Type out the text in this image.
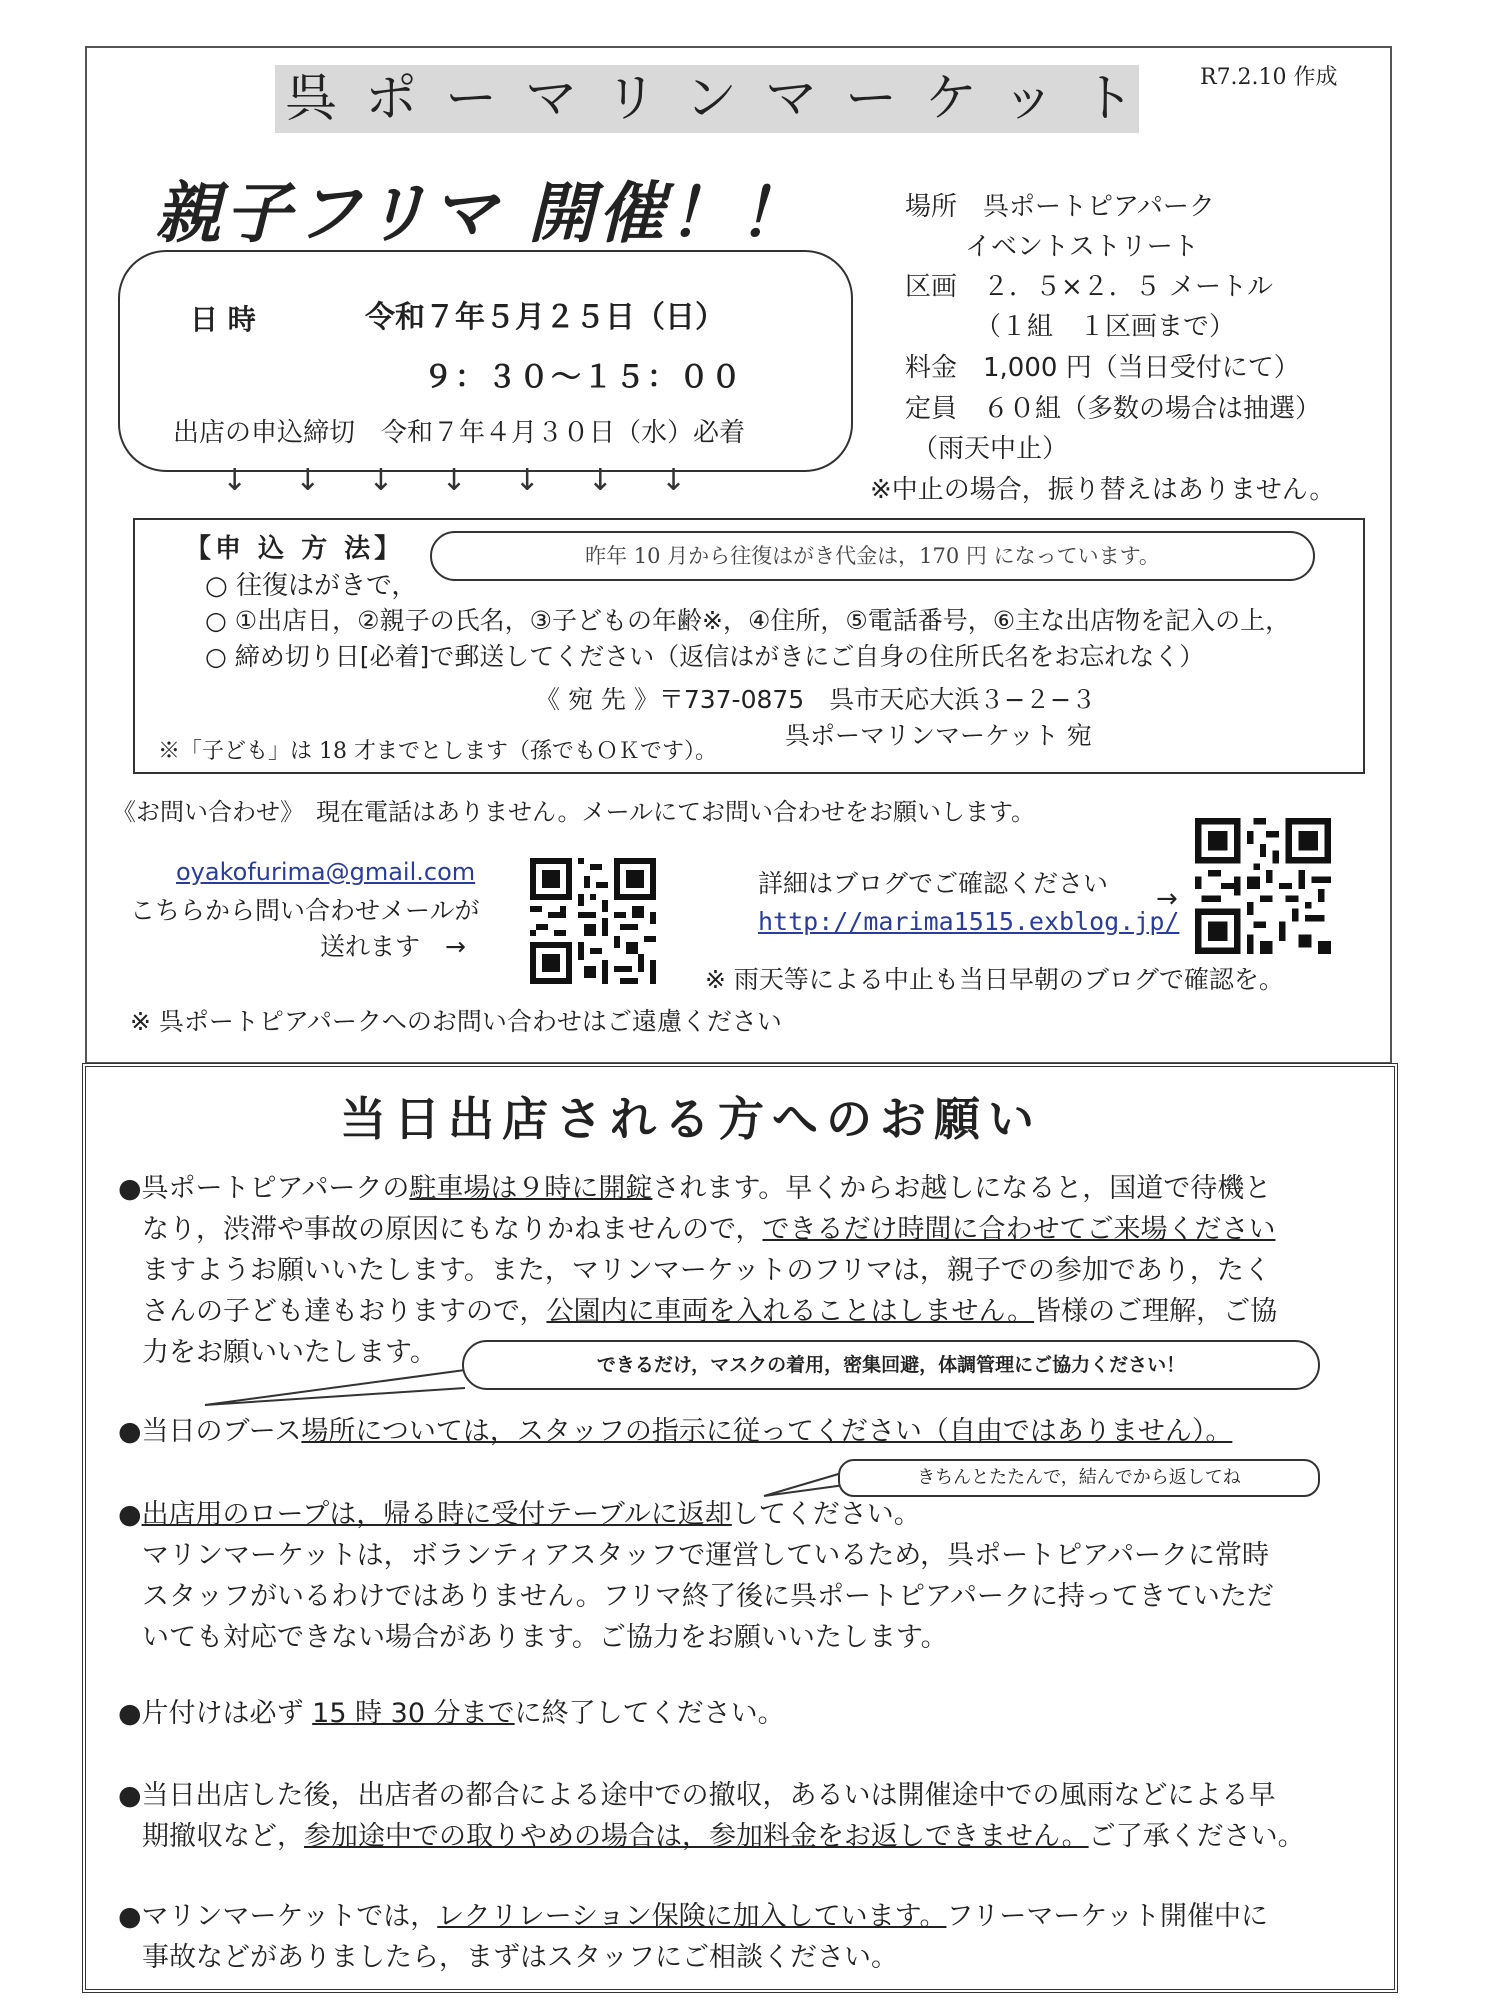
呉ポーマリンマーケット R7.2.10 作成
親子フリマ 開催！！
日 時	令和７年５月２５日（日）
９：３０〜１５：００
出店の申込締切　令和７年４月３０日（水）必着
↓↓↓↓↓↓↓
場所　呉ポートピアパーク
イベントストリート
区画　２．５×２．５ メートル
（１組　１区画まで）
料金　1,000 円（当日受付にて）
定員　６０組（多数の場合は抽選）
（雨天中止）
※中止の場合，振り替えはありません。
【申 込 方 法】	昨年 10 月から往復はがき代金は，170 円 になっています。
○ 往復はがきで，
○ ①出店日，②親子の氏名，③子どもの年齢※，④住所，⑤電話番号，⑥主な出店物を記入の上，
○ 締め切り日[必着]で郵送してください（返信はがきにご自身の住所氏名をお忘れなく）
《 宛 先 》〒737-0875　呉市天応大浜３−２−３
※「子ども」は 18 才までとします（孫でもＯＫです）。
呉ポーマリンマーケット 宛
《お問い合わせ》　現在電話はありません。メールにてお問い合わせをお願いします。
oyakofurima@gmail.com
こちらから問い合わせメールが
送れます　→
詳細はブログでご確認ください
http://marima1515.exblog.jp/
→
※ 雨天等による中止も当日早朝のブログで確認を。
※ 呉ポートピアパークへのお問い合わせはご遠慮ください
当日出店される方へのお願い
●呉ポートピアパークの駐車場は９時に開錠されます。早くからお越しになると，国道で待機と
なり，渋滞や事故の原因にもなりかねませんので，できるだけ時間に合わせてご来場ください
ますようお願いいたします。また，マリンマーケットのフリマは，親子での参加であり，たく
さんの子ども達もおりますので，公園内に車両を入れることはしません。皆様のご理解，ご協
力をお願いいたします。	できるだけ，マスクの着用，密集回避，体調管理にご協力ください！
●当日のブース場所については，スタッフの指示に従ってください（自由ではありません）。
きちんとたたんで，結んでから返してね
●出店用のロープは，帰る時に受付テーブルに返却してください。
マリンマーケットは，ボランティアスタッフで運営しているため，呉ポートピアパークに常時
スタッフがいるわけではありません。フリマ終了後に呉ポートピアパークに持ってきていただ
いても対応できない場合があります。ご協力をお願いいたします。
●片付けは必ず 15 時 30 分までに終了してください。
●当日出店した後，出店者の都合による途中での撤収，あるいは開催途中での風雨などによる早
期撤収など，参加途中での取りやめの場合は，参加料金をお返しできません。ご了承ください。
●マリンマーケットでは，レクリレーション保険に加入しています。フリーマーケット開催中に
事故などがありましたら，まずはスタッフにご相談ください。
